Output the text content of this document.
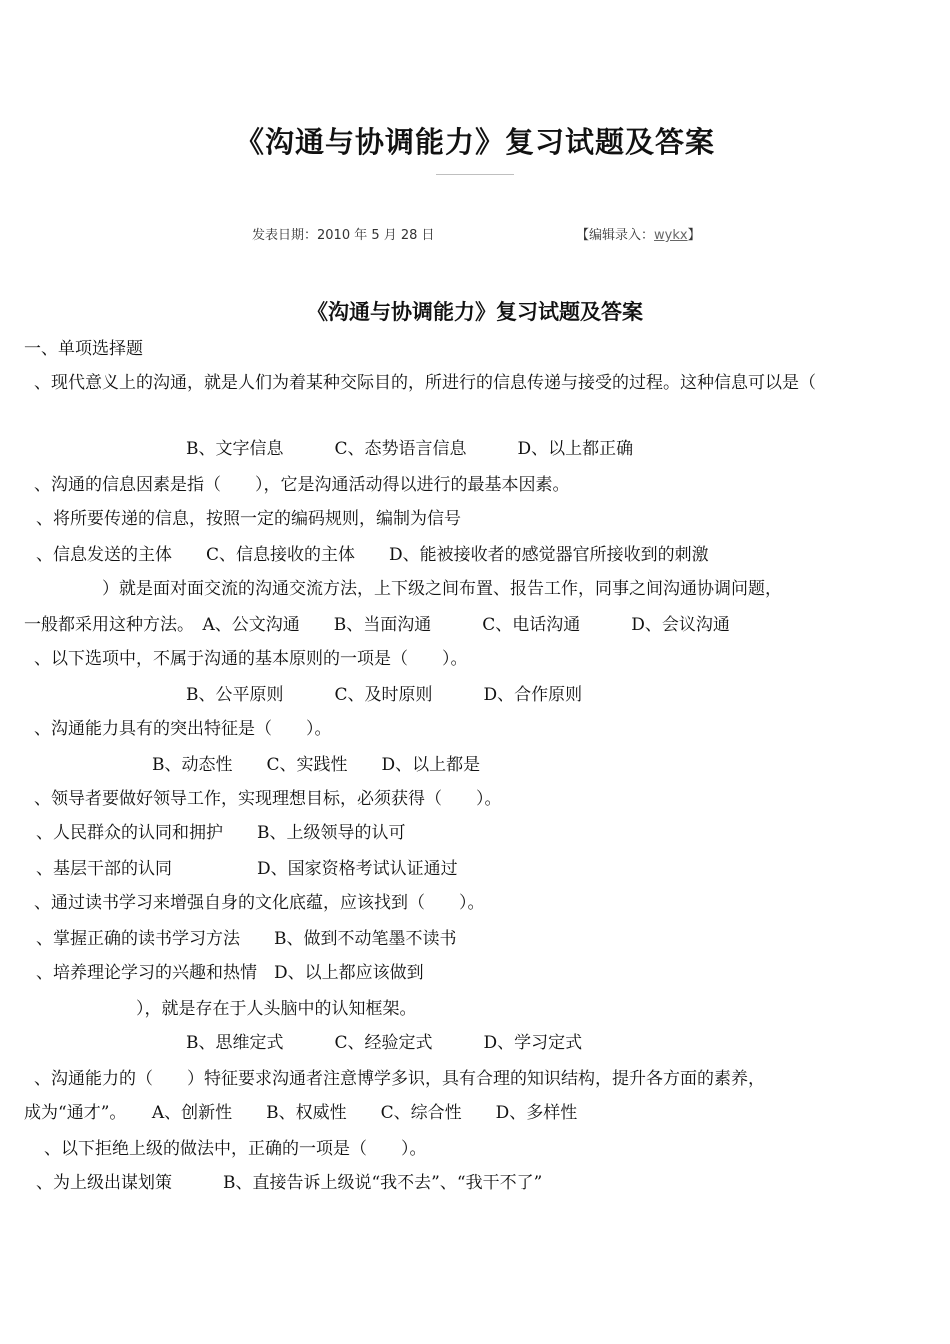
《沟通与协调能力》复习试题及答案
发表日期：2010 年 5 月 28 日	【编辑录入：wykx】
《沟通与协调能力》复习试题及答案
一、单项选择题
、现代意义上的沟通，就是人们为着某种交际目的，所进行的信息传递与接受的过程。这种信息可以是（
B、文字信息　　　C、态势语言信息　　　D、以上都正确
、沟通的信息因素是指（　　），它是沟通活动得以进行的最基本因素。
、将所要传递的信息，按照一定的编码规则，编制为信号
、信息发送的主体　　C、信息接收的主体　　D、能被接收者的感觉器官所接收到的刺激
）就是面对面交流的沟通交流方法，上下级之间布置、报告工作，同事之间沟通协调问题，
一般都采用这种方法。　A、公文沟通　　B、当面沟通　　　C、电话沟通　　　D、会议沟通
、以下选项中，不属于沟通的基本原则的一项是（　　）。
B、公平原则　　　C、及时原则　　　D、合作原则
、沟通能力具有的突出特征是（　　）。
B、动态性　　C、实践性　　D、以上都是
、领导者要做好领导工作，实现理想目标，必须获得（　　）。
、人民群众的认同和拥护　　B、上级领导的认可
、基层干部的认同　　　　　D、国家资格考试认证通过
、通过读书学习来增强自身的文化底蕴，应该找到（　　）。
、掌握正确的读书学习方法　　B、做到不动笔墨不读书
、培养理论学习的兴趣和热情　D、以上都应该做到
），就是存在于人头脑中的认知框架。
B、思维定式　　　C、经验定式　　　D、学习定式
、沟通能力的（　　）特征要求沟通者注意博学多识，具有合理的知识结构，提升各方面的素养，
成为“通才”。　　A、创新性　　B、权威性　　C、综合性　　D、多样性
、以下拒绝上级的做法中，正确的一项是（　　）。
、为上级出谋划策　　　B、直接告诉上级说“我不去”、“我干不了”
